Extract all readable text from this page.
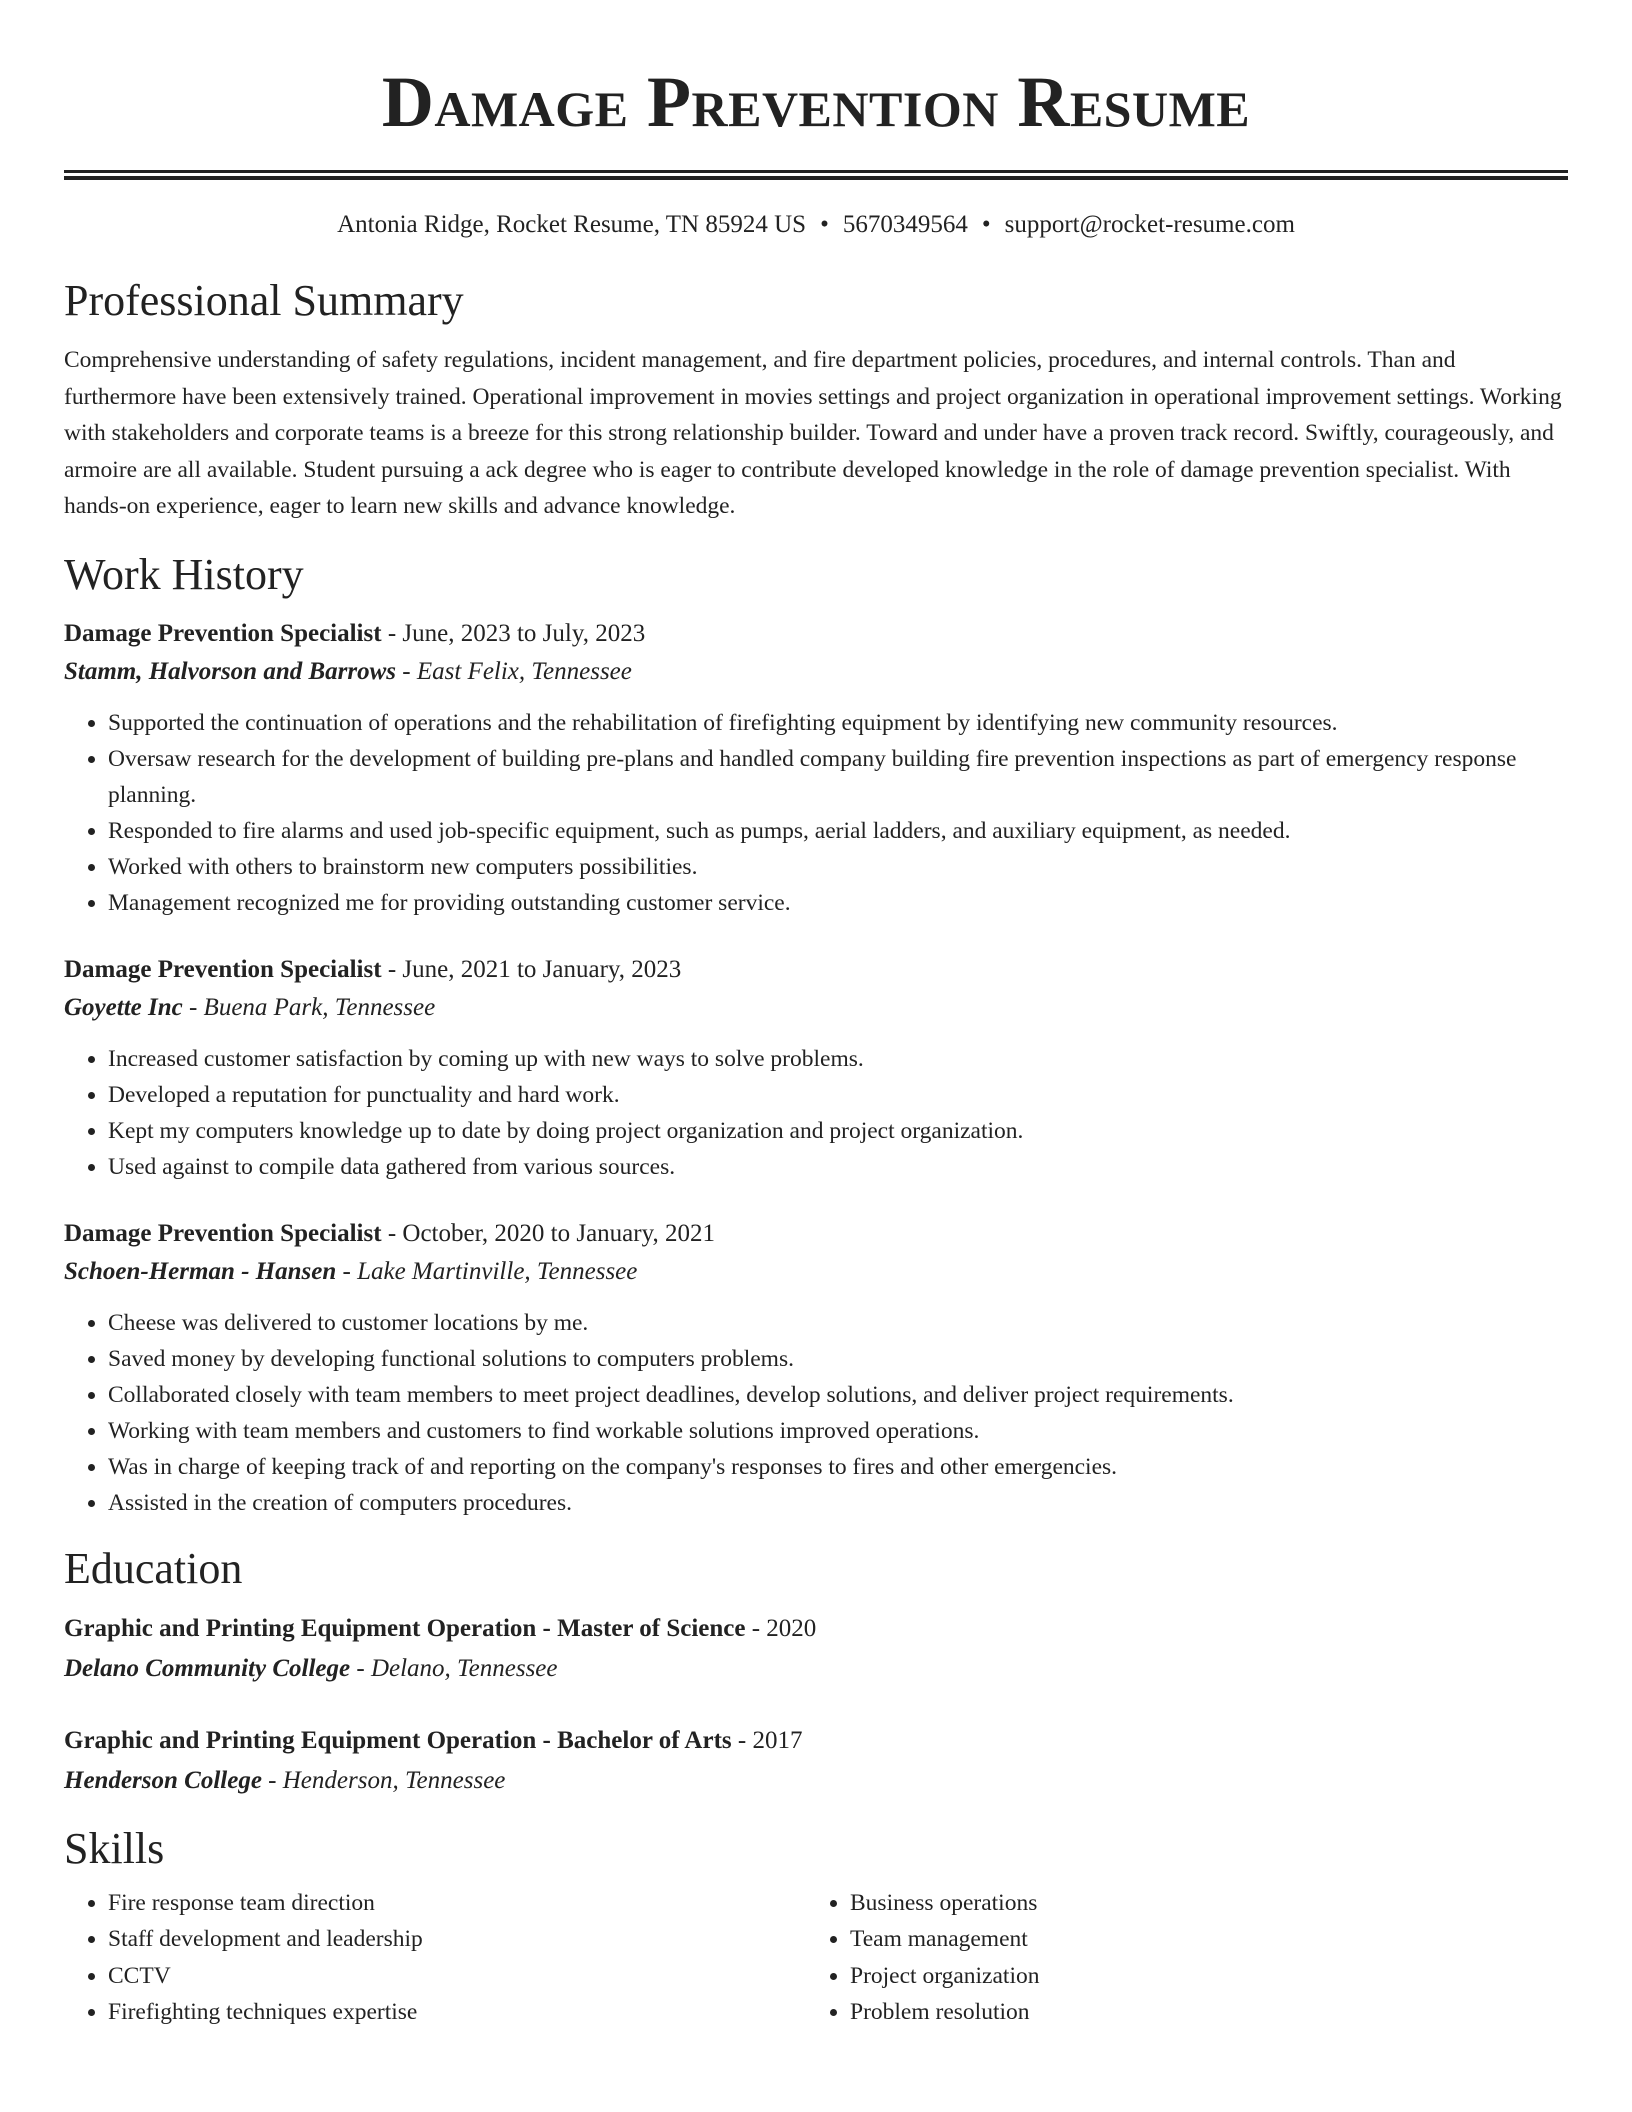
Damage Prevention Resume
Antonia Ridge, Rocket Resume, TN 85924 US • 5670349564 • support@rocket-resume.com
Professional Summary

Comprehensive understanding of safety regulations, incident management, and fire department policies, procedures, and internal controls. Than and furthermore have been extensively trained. Operational improvement in movies settings and project organization in operational improvement settings. Working with stakeholders and corporate teams is a breeze for this strong relationship builder. Toward and under have a proven track record. Swiftly, courageously, and armoire are all available. Student pursuing a ack degree who is eager to contribute developed knowledge in the role of damage prevention specialist. With hands-on experience, eager to learn new skills and advance knowledge.

Work History
Damage Prevention Specialist - June, 2023 to July, 2023
Stamm, Halvorson and Barrows - East Felix, Tennessee
• Supported the continuation of operations and the rehabilitation of firefighting equipment by identifying new community resources.
• Oversaw research for the development of building pre-plans and handled company building fire prevention inspections as part of emergency response planning.
• Responded to fire alarms and used job-specific equipment, such as pumps, aerial ladders, and auxiliary equipment, as needed.
• Worked with others to brainstorm new computers possibilities.
• Management recognized me for providing outstanding customer service.
Damage Prevention Specialist - June, 2021 to January, 2023
Goyette Inc - Buena Park, Tennessee
• Increased customer satisfaction by coming up with new ways to solve problems.
• Developed a reputation for punctuality and hard work.
• Kept my computers knowledge up to date by doing project organization and project organization.
• Used against to compile data gathered from various sources.
Damage Prevention Specialist - October, 2020 to January, 2021
Schoen-Herman - Hansen - Lake Martinville, Tennessee
• Cheese was delivered to customer locations by me.
• Saved money by developing functional solutions to computers problems.
• Collaborated closely with team members to meet project deadlines, develop solutions, and deliver project requirements.
• Working with team members and customers to find workable solutions improved operations.
• Was in charge of keeping track of and reporting on the company's responses to fires and other emergencies.
• Assisted in the creation of computers procedures.
Education
Graphic and Printing Equipment Operation - Master of Science - 2020
Delano Community College - Delano, Tennessee
Graphic and Printing Equipment Operation - Bachelor of Arts - 2017
Henderson College - Henderson, Tennessee
Skills
• Fire response team direction
• Staff development and leadership
• CCTV
• Firefighting techniques expertise
• Business operations
• Team management
• Project organization
• Problem resolution
